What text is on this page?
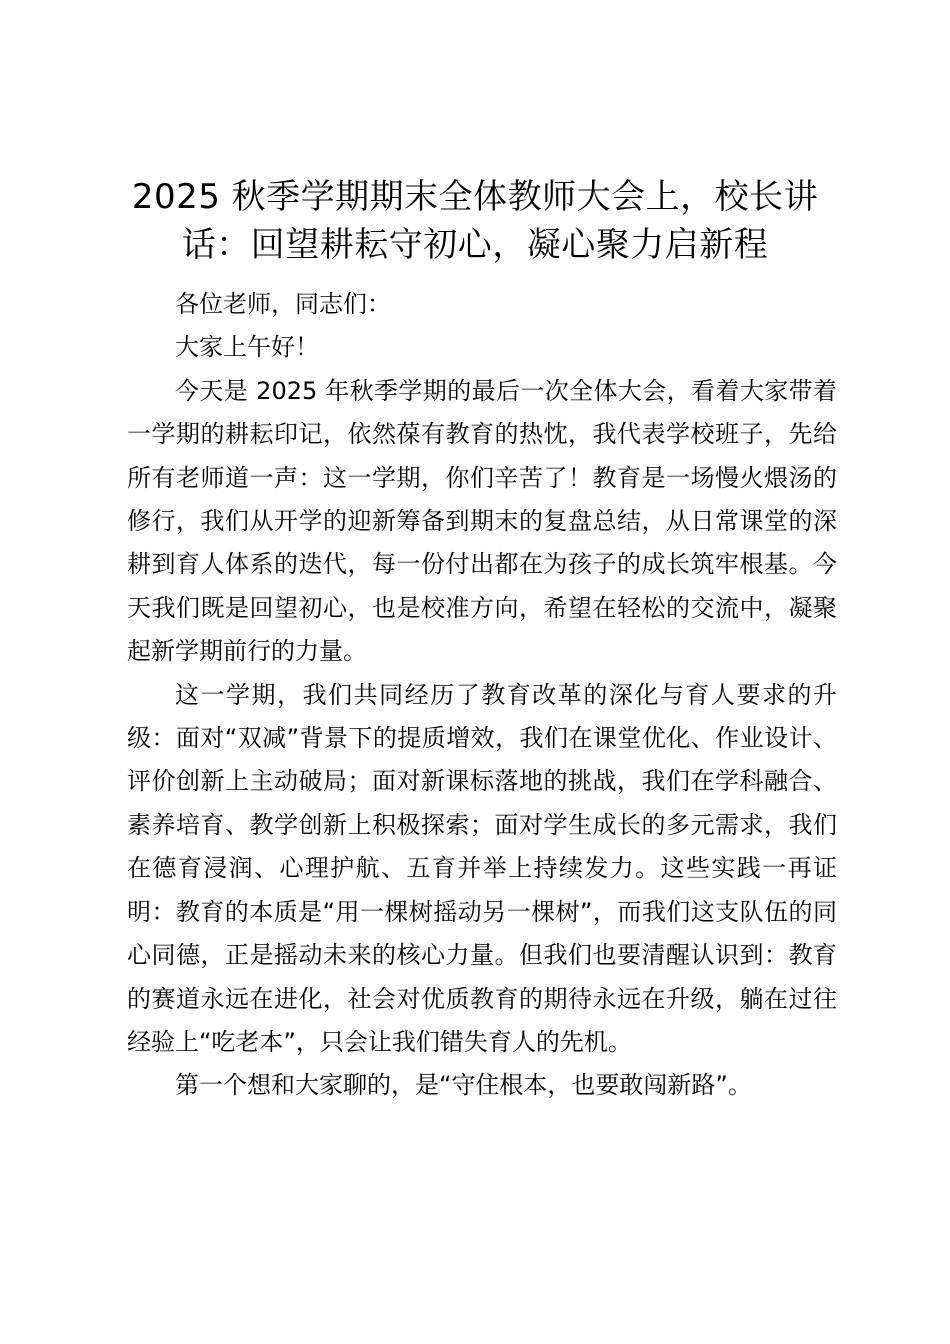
2025 秋季学期期末全体教师大会上，校长讲话：回望耕耘守初心，凝心聚力启新程

各位老师，同志们：

大家上午好！

今天是 2025 年秋季学期的最后一次全体大会，看着大家带着一学期的耕耘印记，依然葆有教育的热忱，我代表学校班子，先给所有老师道一声：这一学期，你们辛苦了！教育是一场慢火煨汤的修行，我们从开学的迎新筹备到期末的复盘总结，从日常课堂的深耕到育人体系的迭代，每一份付出都在为孩子的成长筑牢根基。今天我们既是回望初心，也是校准方向，希望在轻松的交流中，凝聚起新学期前行的力量。

这一学期，我们共同经历了教育改革的深化与育人要求的升级：面对“双减”背景下的提质增效，我们在课堂优化、作业设计、评价创新上主动破局；面对新课标落地的挑战，我们在学科融合、素养培育、教学创新上积极探索；面对学生成长的多元需求，我们在德育浸润、心理护航、五育并举上持续发力。这些实践一再证明：教育的本质是“用一棵树摇动另一棵树”，而我们这支队伍的同心同德，正是摇动未来的核心力量。但我们也要清醒认识到：教育的赛道永远在进化，社会对优质教育的期待永远在升级，躺在过往经验上“吃老本”，只会让我们错失育人的先机。

第一个想和大家聊的，是“守住根本，也要敢闯新路”。
